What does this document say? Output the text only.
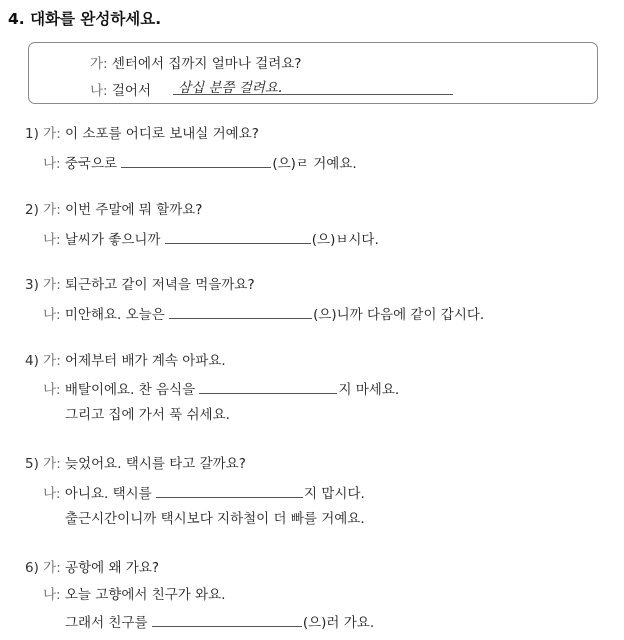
4. 대화를 완성하세요.
가: 센터에서 집까지 얼마나 걸려요?
나: 걸어서 삼십 분쯤 걸려요.
1) 가: 이 소포를 어디로 보내실 거예요?
나: 중국으로	(으)ㄹ 거예요.
2) 가: 이번 주말에 뭐 할까요?
나: 날씨가 좋으니까	(으)ㅂ시다.
3) 가: 퇴근하고 같이 저녁을 먹을까요?
나: 미안해요. 오늘은	(으)니까 다음에 같이 갑시다.
4) 가: 어제부터 배가 계속 아파요.
나: 배탈이에요. 찬 음식을	지 마세요.
그리고 집에 가서 푹 쉬세요.
5) 가: 늦었어요. 택시를 타고 갈까요?
나: 아니요. 택시를	지 맙시다.
출근시간이니까 택시보다 지하철이 더 빠를 거예요.
6) 가: 공항에 왜 가요?
나: 오늘 고향에서 친구가 와요.
그래서 친구를	(으)러 가요.
